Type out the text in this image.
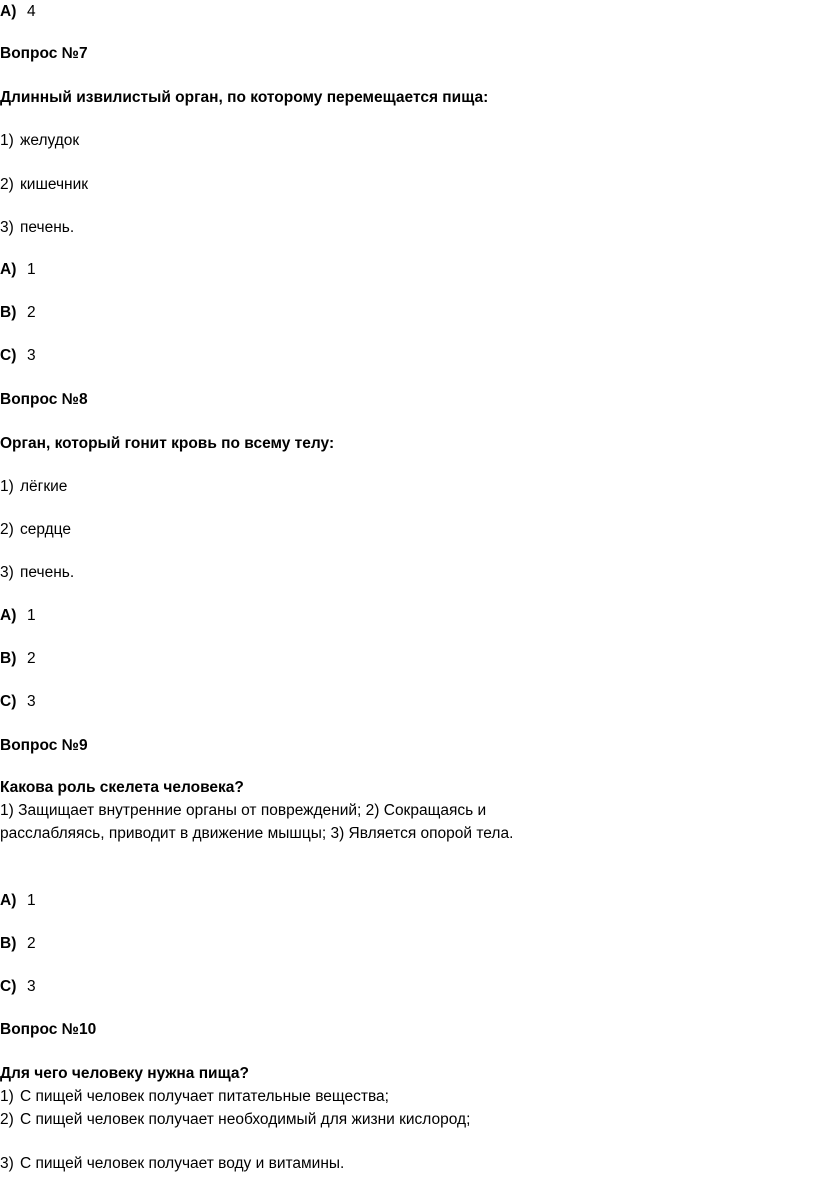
A) 4
Вопрос №7
Длинный извилистый орган, по которому перемещается пища:
1) желудок
2) кишечник
3) печень.
A) 1
B) 2
C) 3
Вопрос №8
Орган, который гонит кровь по всему телу:
1) лёгкие
2) сердце
3) печень.
A) 1
B) 2
C) 3
Вопрос №9
Какова роль скелета человека?
1) Защищает внутренние органы от повреждений; 2) Сокращаясь и расслабляясь, приводит в движение мышцы; 3) Является опорой тела.
A) 1
B) 2
C) 3
Вопрос №10
Для чего человеку нужна пища?
1) С пищей человек получает питательные вещества;
2) С пищей человек получает необходимый для жизни кислород;
3) С пищей человек получает воду и витамины.
